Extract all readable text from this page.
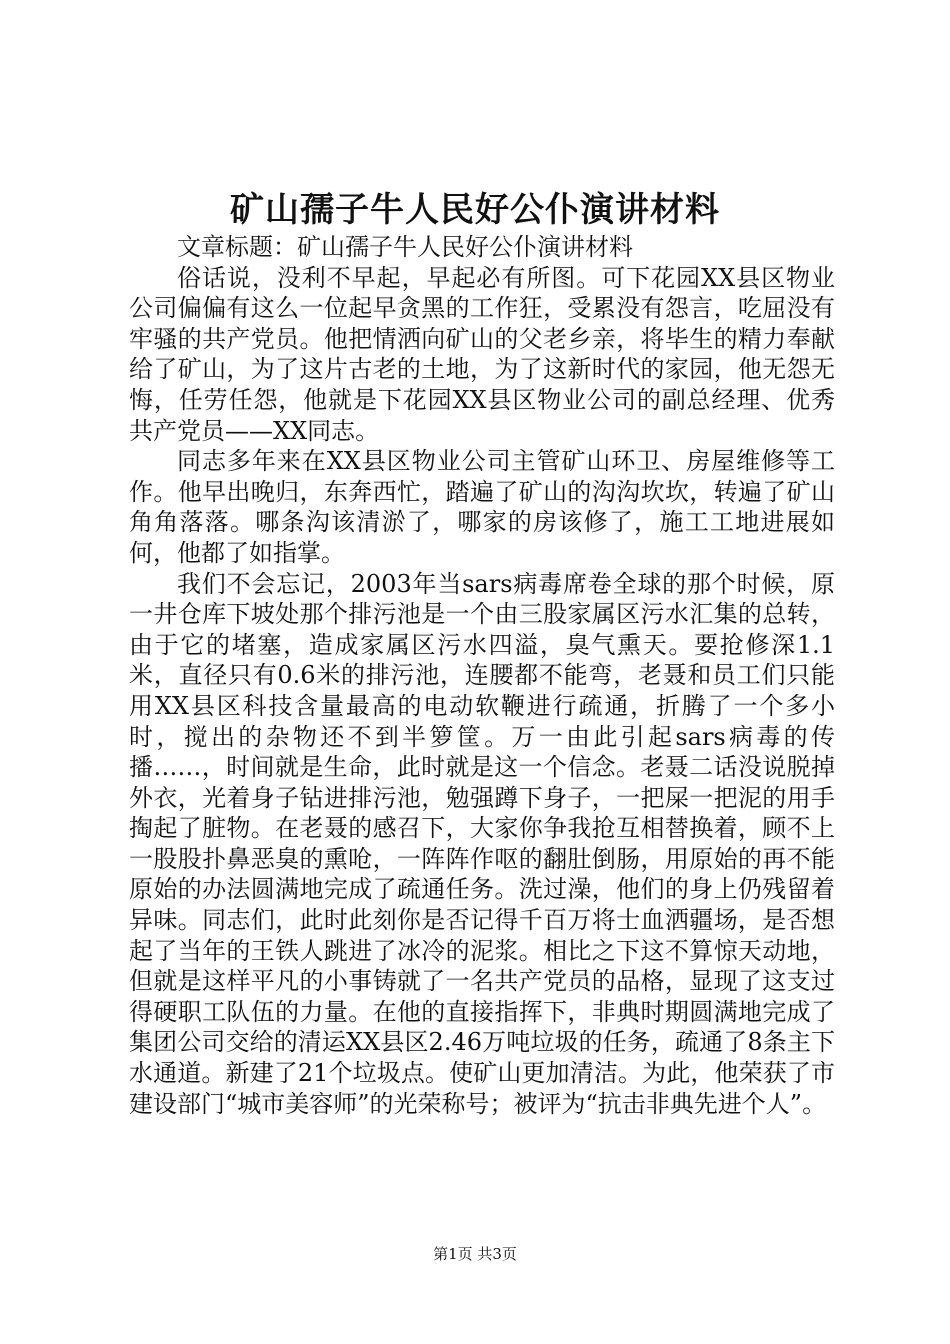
矿山孺子牛人民好公仆演讲材料

文章标题：矿山孺子牛人民好公仆演讲材料

俗话说，没利不早起，早起必有所图。可下花园XX县区物业公司偏偏有这么一位起早贪黑的工作狂，受累没有怨言，吃屈没有牢骚的共产党员。他把情洒向矿山的父老乡亲，将毕生的精力奉献给了矿山，为了这片古老的土地，为了这新时代的家园，他无怨无悔，任劳任怨，他就是下花园XX县区物业公司的副总经理、优秀共产党员——XX同志。

同志多年来在XX县区物业公司主管矿山环卫、房屋维修等工作。他早出晚归，东奔西忙，踏遍了矿山的沟沟坎坎，转遍了矿山角角落落。哪条沟该清淤了，哪家的房该修了，施工工地进展如何，他都了如指掌。

我们不会忘记，2003年当sars病毒席卷全球的那个时候，原一井仓库下坡处那个排污池是一个由三股家属区污水汇集的总转，由于它的堵塞，造成家属区污水四溢，臭气熏天。要抢修深1.1米，直径只有0.6米的排污池，连腰都不能弯，老聂和员工们只能用XX县区科技含量最高的电动软鞭进行疏通，折腾了一个多小时，搅出的杂物还不到半箩筐。万一由此引起sars病毒的传播……，时间就是生命，此时就是这一个信念。老聂二话没说脱掉外衣，光着身子钻进排污池，勉强蹲下身子，一把屎一把泥的用手掏起了脏物。在老聂的感召下，大家你争我抢互相替换着，顾不上一股股扑鼻恶臭的熏呛，一阵阵作呕的翻肚倒肠，用原始的再不能原始的办法圆满地完成了疏通任务。洗过澡，他们的身上仍残留着异味。同志们，此时此刻你是否记得千百万将士血洒疆场，是否想起了当年的王铁人跳进了冰冷的泥浆。相比之下这不算惊天动地，但就是这样平凡的小事铸就了一名共产党员的品格，显现了这支过得硬职工队伍的力量。在他的直接指挥下，非典时期圆满地完成了集团公司交给的清运XX县区2.46万吨垃圾的任务，疏通了8条主下水通道。新建了21个垃圾点。使矿山更加清洁。为此，他荣获了市建设部门“城市美容师”的光荣称号；被评为“抗击非典先进个人”。

第1页 共3页
